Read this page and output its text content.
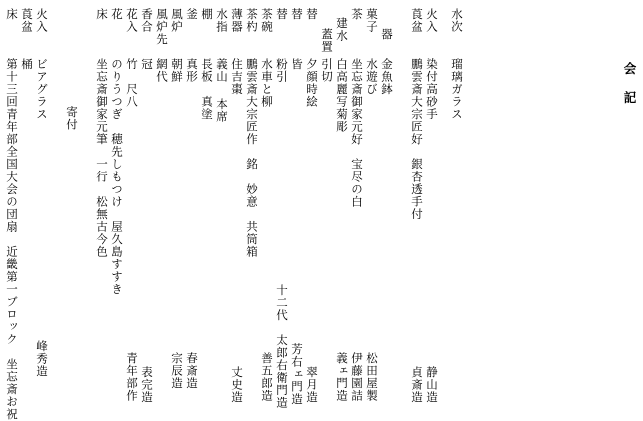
会　記
床
第十三回青年部全国大会の団扇　近畿第一ブロック　坐忘斎お祝
莨盆
桶
火入
ビアグラス
峰秀造
寄付
床
坐忘斎御家元筆　一行　松無古今色
花
のりうつぎ　穂先しもつけ　屋久島すすき
花入
竹　尺八
青年部作
香合
冠
表完造
風炉先
網代
風炉
朝鮮
宗辰造
釜
真形
春斎造
棚
長板　真塗
水指
義山
薄器
住吉棗
丈史造
茶杓
鵬雲斎大宗匠作　銘　妙意　共筒箱
茶碗
水車と柳
善五郎造
替
粉引
十二代　太郎右衛門造
替
皆
芳右ェ門造
替
夕顔時絵
翠月造
蓋置
引切
建水
白高麗写菊彫
義ェ門造
茶
坐忘斎御家元好　宝尽の白
伊藤園詰
菓子
水遊び
松田屋製
器
金魚鉢
莨盆
鵬雲斎大宗匠好　銀杏透手付
貞斎造
火入
染付高砂手
静山造
水次
瑠璃ガラス
本席
